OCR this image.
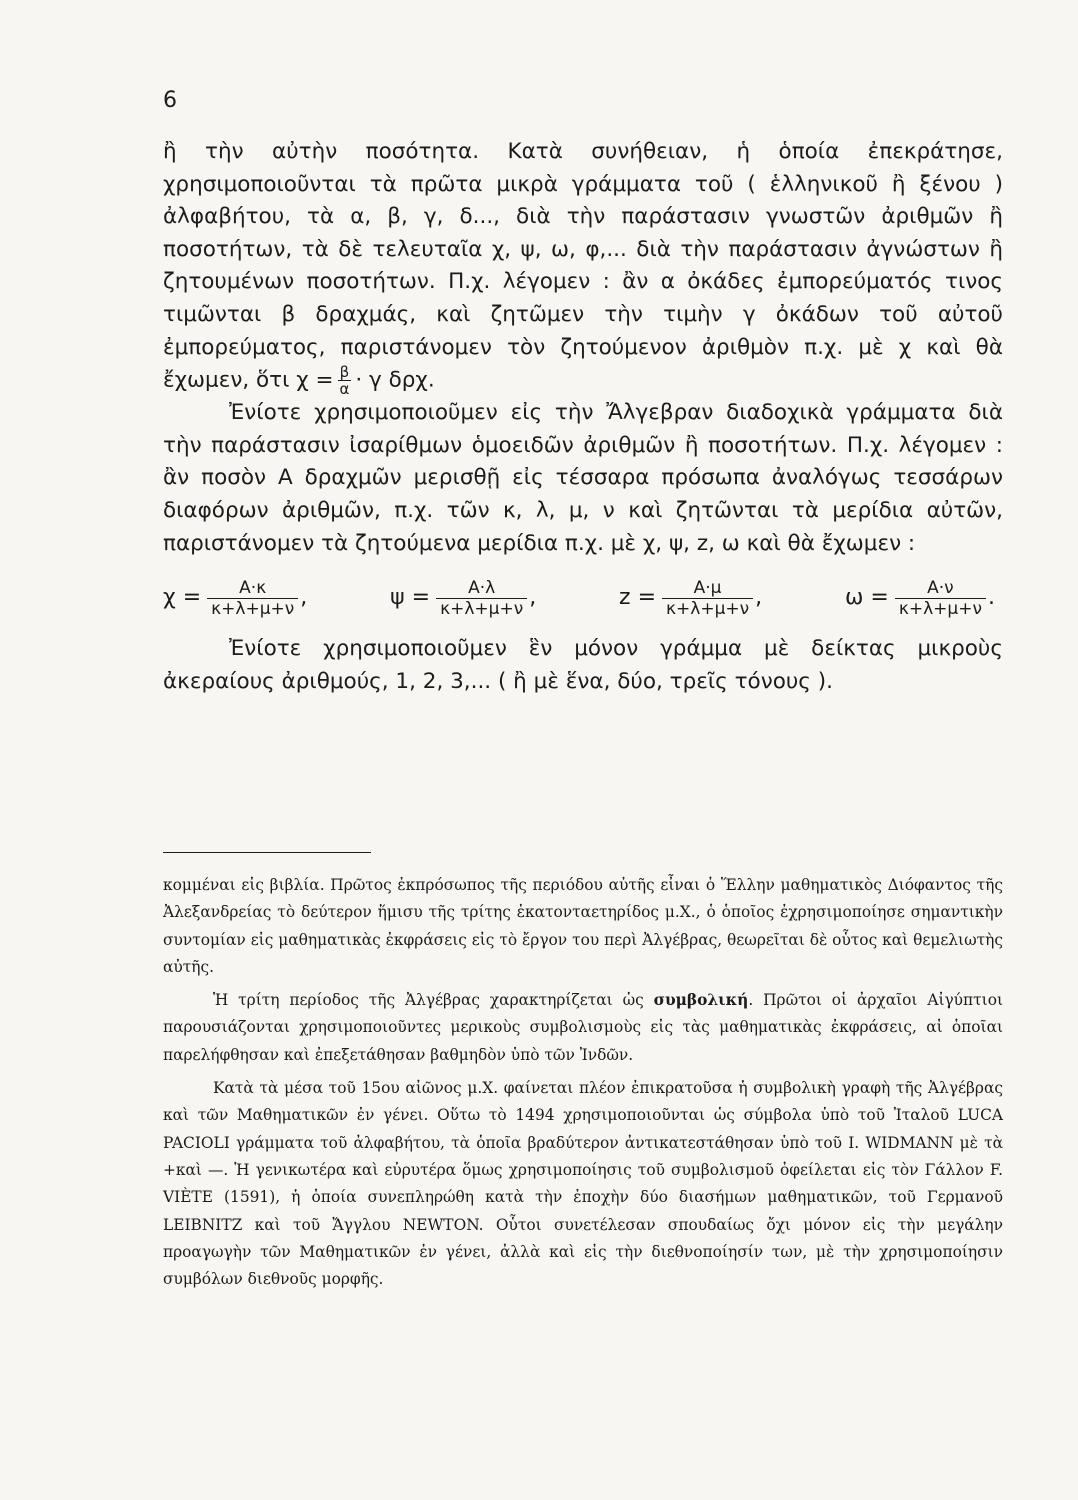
6

ἢ τὴν αὐτὴν ποσότητα. Κατὰ συνήθειαν, ἡ ὁποία ἐπεκράτησε, χρησιμοποιοῦνται τὰ πρῶτα μικρὰ γράμματα τοῦ ( ἑλληνικοῦ ἢ ξένου ) ἀλφαβήτου, τὰ α, β, γ, δ..., διὰ τὴν παράστασιν γνωστῶν ἀριθμῶν ἢ ποσοτήτων, τὰ δὲ τελευταῖα χ, ψ, ω, φ,... διὰ τὴν παράστασιν ἀγνώστων ἢ ζητουμένων ποσοτήτων. Π.χ. λέγομεν : ἂν α ὀκάδες ἐμπορεύματός τινος τιμῶνται β δραχμάς, καὶ ζητῶμεν τὴν τιμὴν γ ὀκάδων τοῦ αὐτοῦ ἐμπορεύματος, παριστάνομεν τὸν ζητούμενον ἀριθμὸν π.χ. μὲ χ καὶ θὰ ἔχωμεν, ὅτι $\chi = \frac{\beta}{\alpha} \cdot \gamma$ δρχ.

Ἐνίοτε χρησιμοποιοῦμεν εἰς τὴν Ἄλγεβραν διαδοχικὰ γράμματα διὰ τὴν παράστασιν ἰσαρίθμων ὁμοειδῶν ἀριθμῶν ἢ ποσοτήτων. Π.χ. λέγομεν : ἂν ποσὸν Α δραχμῶν μερισθῇ εἰς τέσσαρα πρόσωπα ἀναλόγως τεσσάρων διαφόρων ἀριθμῶν, π.χ. τῶν κ, λ, μ, ν καὶ ζητῶνται τὰ μερίδια αὐτῶν, παριστάνομεν τὰ ζητούμενα μερίδια π.χ. μὲ χ, ψ, z, ω καὶ θὰ ἔχωμεν :

$\chi = \frac{A\cdot\kappa}{\kappa+\lambda+\mu+\nu}$ ,	$\psi = \frac{A\cdot\lambda}{\kappa+\lambda+\mu+\nu}$ ,	$z = \frac{A\cdot\mu}{\kappa+\lambda+\mu+\nu}$ ,	$\omega = \frac{A\cdot\nu}{\kappa+\lambda+\mu+\nu}$ .

Ἐνίοτε χρησιμοποιοῦμεν ἓν μόνον γράμμα μὲ δείκτας μικροὺς ἀκεραίους ἀριθμούς, 1, 2, 3,... ( ἢ μὲ ἕνα, δύο, τρεῖς τόνους ).

κομμέναι εἰς βιβλία. Πρῶτος ἐκπρόσωπος τῆς περιόδου αὐτῆς εἶναι ὁ Ἕλλην μαθηματικὸς Διόφαντος τῆς Ἀλεξανδρείας τὸ δεύτερον ἥμισυ τῆς τρίτης ἑκατονταετηρίδος μ.Χ., ὁ ὁποῖος ἐχρησιμοποίησε σημαντικὴν συντομίαν εἰς μαθηματικὰς ἐκφράσεις εἰς τὸ ἔργον του περὶ Ἀλγέβρας, θεωρεῖται δὲ οὗτος καὶ θεμελιωτὴς αὐτῆς.

Ἡ τρίτη περίοδος τῆς Ἀλγέβρας χαρακτηρίζεται ὡς συμβολική. Πρῶτοι οἱ ἀρχαῖοι Αἰγύπτιοι παρουσιάζονται χρησιμοποιοῦντες μερικοὺς συμβολισμοὺς εἰς τὰς μαθηματικὰς ἐκφράσεις, αἱ ὁποῖαι παρελήφθησαν καὶ ἐπεξετάθησαν βαθμηδὸν ὑπὸ τῶν Ἰνδῶν.

Κατὰ τὰ μέσα τοῦ 15ου αἰῶνος μ.Χ. φαίνεται πλέον ἐπικρατοῦσα ἡ συμβολικὴ γραφὴ τῆς Ἀλγέβρας καὶ τῶν Μαθηματικῶν ἐν γένει. Οὕτω τὸ 1494 χρησιμοποιοῦνται ὡς σύμβολα ὑπὸ τοῦ Ἰταλοῦ LUCA PACIOLI γράμματα τοῦ ἀλφαβήτου, τὰ ὁποῖα βραδύτερον ἀντικατεστάθησαν ὑπὸ τοῦ Ι. WIDMANN μὲ τὰ +καὶ —. Ἡ γενικωτέρα καὶ εὐρυτέρα ὅμως χρησιμοποίησις τοῦ συμβολισμοῦ ὀφείλεται εἰς τὸν Γάλλον F. VIÈTE (1591), ἡ ὁποία συνεπληρώθη κατὰ τὴν ἐποχὴν δύο διασήμων μαθηματικῶν, τοῦ Γερμανοῦ LEIBNITZ καὶ τοῦ Ἄγγλου NEWTON. Οὗτοι συνετέλεσαν σπουδαίως ὄχι μόνον εἰς τὴν μεγάλην προαγωγὴν τῶν Μαθηματικῶν ἐν γένει, ἀλλὰ καὶ εἰς τὴν διεθνοποίησίν των, μὲ τὴν χρησιμοποίησιν συμβόλων διεθνοῦς μορφῆς.
